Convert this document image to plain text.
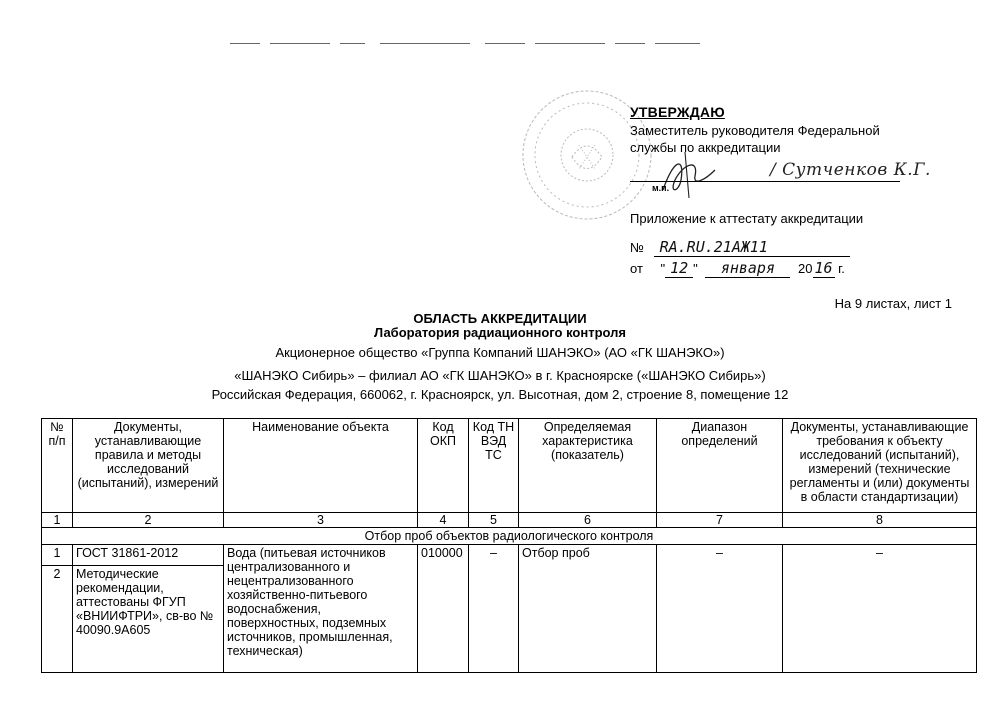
УТВЕРЖДАЮ
Заместитель руководителя Федеральной
службы по аккредитации
м.п.
/ Сутченков К.Г.
Приложение к аттестату аккредитации
№ RA.RU.21АЖ11
от " 12 " января 20 16 г.
На 9 листах, лист 1
ОБЛАСТЬ АККРЕДИТАЦИИ
Лаборатория радиационного контроля
Акционерное общество «Группа Компаний ШАНЭКО» (АО «ГК ШАНЭКО»)
«ШАНЭКО Сибирь» – филиал АО «ГК ШАНЭКО» в г. Красноярске («ШАНЭКО Сибирь»)
Российская Федерация, 660062, г. Красноярск, ул. Высотная, дом 2, строение 8, помещение 12
№ п/п	Документы, устанавливающие правила и методы исследований (испытаний), измерений	Наименование объекта	Код ОКП	Код ТН ВЭД ТС	Определяемая характеристика (показатель)	Диапазон определений	Документы, устанавливающие требования к объекту исследований (испытаний), измерений (технические регламенты и (или) документы в области стандартизации)
1	2	3	4	5	6	7	8
Отбор проб объектов радиологического контроля							
1	ГОСТ 31861-2012	Вода (питьевая источников централизованного и нецентрализованного хозяйственно-питьевого водоснабжения, поверхностных, подземных источников, промышленная, техническая)	010000	–	Отбор проб	–	–
2	Методические рекомендации, аттестованы ФГУП «ВНИИФТРИ», св-во № 40090.9А605						
